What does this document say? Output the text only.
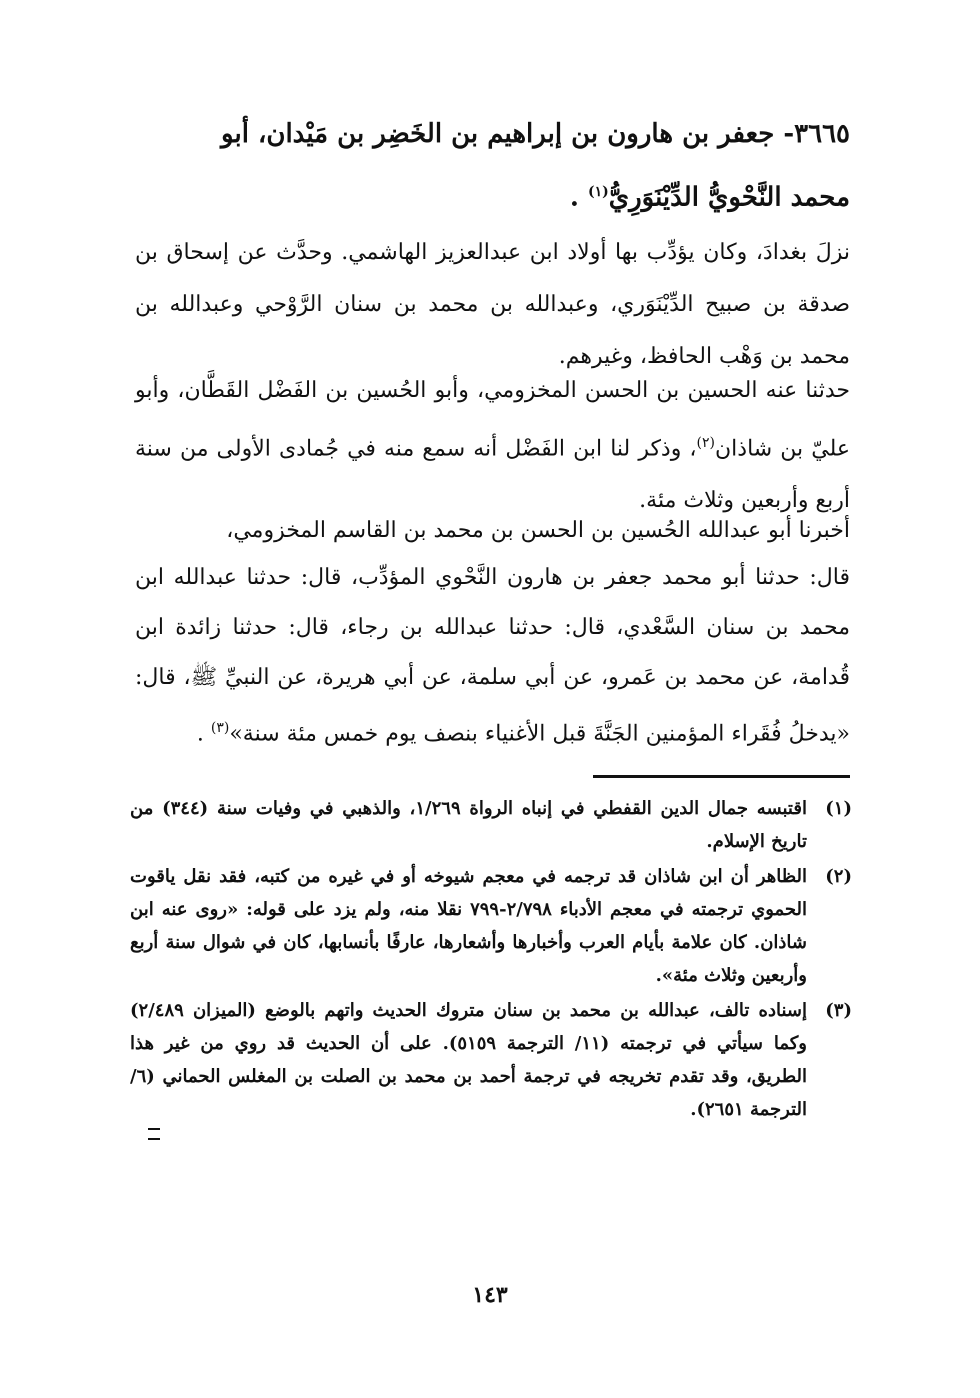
٣٦٦٥- جعفر بن هارون بن إبراهيم بن الخَضِر بن مَيْدان، أبو
محمد النَّحْويُّ الدِّيْنَوَرِيُّ$^{(١)}$ .
نزلَ بغدادَ، وكان يؤدِّب بها أولاد ابن عبدالعزيز الهاشمي. وحدَّث عن إسحاق بن صدقة بن صبيح الدِّيْنَوَري، وعبدالله بن محمد بن سنان الرَّوْحي وعبدالله بن محمد بن وَهْب الحافظ، وغيرهم.
حدثنا عنه الحسين بن الحسن المخزومي، وأبو الحُسين بن الفَضْل القَطَّان، وأبو عليّ بن شاذان$^{(٢)}$، وذكر لنا ابن الفَضْل أنه سمع منه في جُمادى الأولى من سنة أربع وأربعين وثلاث مئة.
أخبرنا أبو عبدالله الحُسين بن الحسن بن محمد بن القاسم المخزومي،
قال: حدثنا أبو محمد جعفر بن هارون النَّحْوي المؤدِّب، قال: حدثنا عبدالله ابن محمد بن سنان السَّعْدي، قال: حدثنا عبدالله بن رجاء، قال: حدثنا زائدة ابن قُدامة، عن محمد بن عَمرو، عن أبي سلمة، عن أبي هريرة، عن النبيِّ ﷺ، قال: «يدخلُ فُقَراء المؤمنين الجَنَّةَ قبل الأغنياء بنصف يوم خمس مئة سنة»$^{(٣)}$ .
(١)
اقتبسه جمال الدين القفطي في إنباه الرواة ١/٢٦٩، والذهبي في وفيات سنة (٣٤٤) من تاريخ الإسلام.
(٢)
الظاهر أن ابن شاذان قد ترجمه في معجم شيوخه أو في غيره من كتبه، فقد نقل ياقوت الحموي ترجمته في معجم الأدباء ٢/٧٩٨-٧٩٩ نقلا منه، ولم يزد على قوله: «روى عنه ابن شاذان. كان علامة بأيام العرب وأخبارها وأشعارها، عارفًا بأنسابها، كان في شوال سنة أربع وأربعين وثلاث مئة».
(٣)
إسناده تالف، عبدالله بن محمد بن سنان متروك الحديث واتهم بالوضع (الميزان ٢/٤٨٩) وكما سيأتي في ترجمته (١١/ الترجمة ٥١٥٩). على أن الحديث قد روي من غير هذا الطريق، وقد تقدم تخريجه في ترجمة أحمد بن محمد بن الصلت بن المغلس الحماني (٦/ الترجمة ٢٦٥١).
١٤٣
